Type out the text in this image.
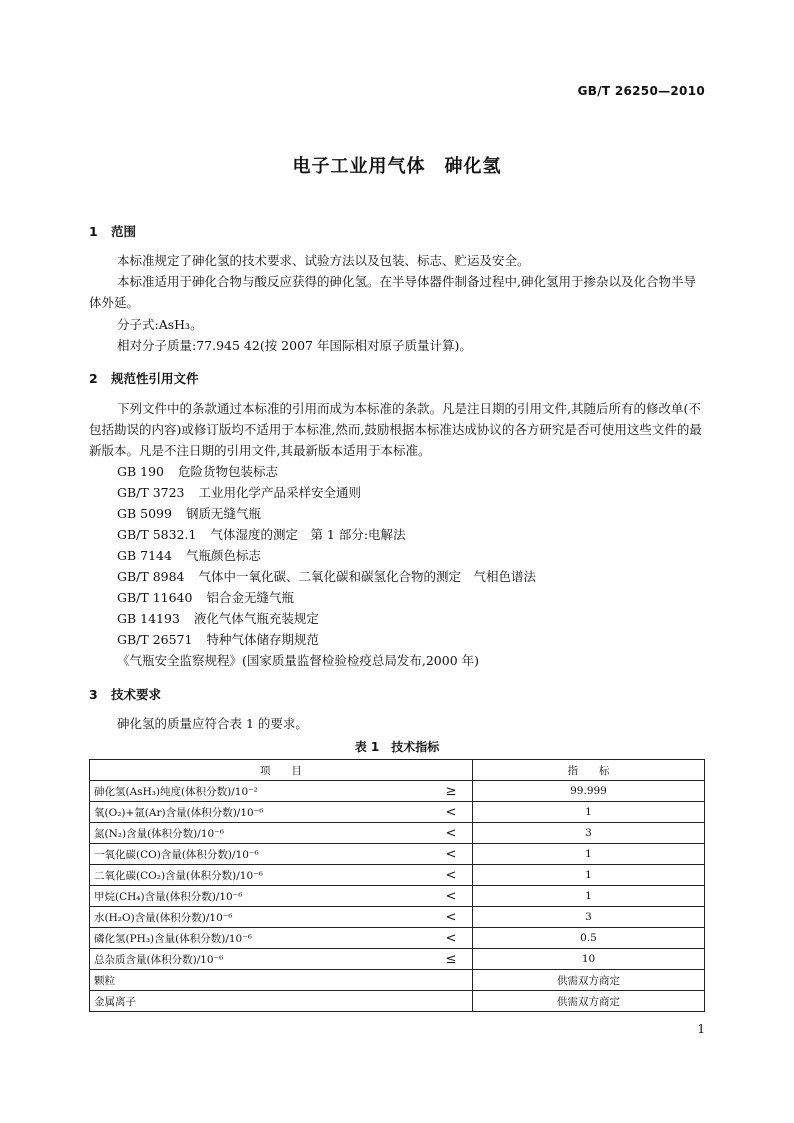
GB/T 26250—2010
电子工业用气体　砷化氢
1 范围
本标准规定了砷化氢的技术要求、试验方法以及包装、标志、贮运及安全。
本标准适用于砷化合物与酸反应获得的砷化氢。在半导体器件制备过程中,砷化氢用于掺杂以及化合物半导体外延。
分子式:AsH₃。
相对分子质量:77.945 42(按 2007 年国际相对原子质量计算)。
2 规范性引用文件
下列文件中的条款通过本标准的引用而成为本标准的条款。凡是注日期的引用文件,其随后所有的修改单(不包括勘误的内容)或修订版均不适用于本标准,然而,鼓励根据本标准达成协议的各方研究是否可使用这些文件的最新版本。凡是不注日期的引用文件,其最新版本适用于本标准。
GB 190 危险货物包装标志
GB/T 3723 工业用化学产品采样安全通则
GB 5099 钢质无缝气瓶
GB/T 5832.1 气体湿度的测定　第 1 部分:电解法
GB 7144 气瓶颜色标志
GB/T 8984 气体中一氧化碳、二氧化碳和碳氢化合物的测定　气相色谱法
GB/T 11640 铝合金无缝气瓶
GB 14193 液化气体气瓶充装规定
GB/T 26571 特种气体储存期规范
《气瓶安全监察规程》(国家质量监督检验检疫总局发布,2000 年)
3 技术要求
砷化氢的质量应符合表 1 的要求。
表 1　技术指标
项　　目		指　　标
砷化氢(AsH₃)纯度(体积分数)/10⁻²	≥	99.999
氧(O₂)+氩(Ar)含量(体积分数)/10⁻⁶	<	1
氮(N₂)含量(体积分数)/10⁻⁶	<	3
一氧化碳(CO)含量(体积分数)/10⁻⁶	<	1
二氧化碳(CO₂)含量(体积分数)/10⁻⁶	<	1
甲烷(CH₄)含量(体积分数)/10⁻⁶	<	1
水(H₂O)含量(体积分数)/10⁻⁶	<	3
磷化氢(PH₃)含量(体积分数)/10⁻⁶	<	0.5
总杂质含量(体积分数)/10⁻⁶	≤	10
颗粒		供需双方商定
金属离子		供需双方商定
1
